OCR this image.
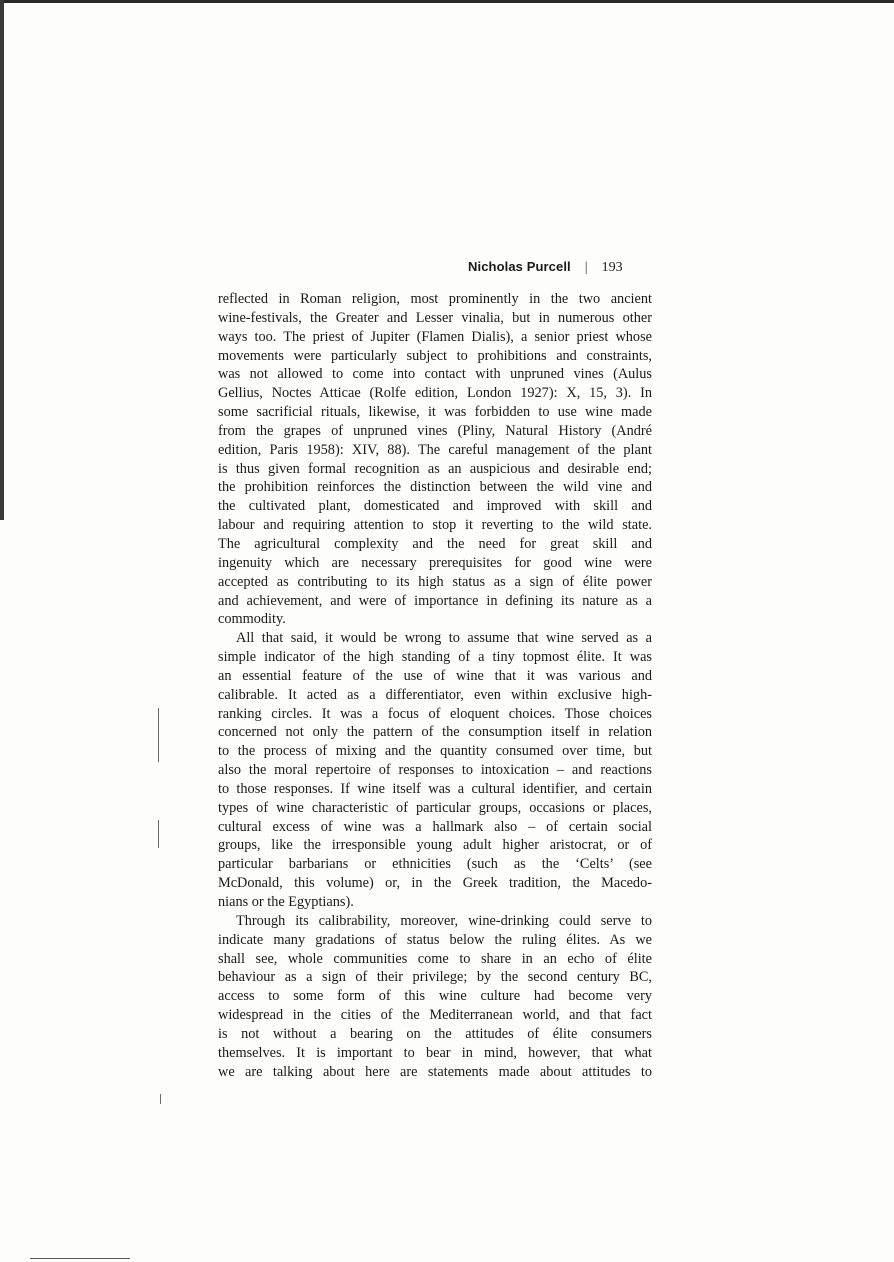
Nicholas Purcell | 193
reflected in Roman religion, most prominently in the two ancient
wine-festivals, the Greater and Lesser vinalia, but in numerous other
ways too. The priest of Jupiter (Flamen Dialis), a senior priest whose
movements were particularly subject to prohibitions and constraints,
was not allowed to come into contact with unpruned vines (Aulus
Gellius, Noctes Atticae (Rolfe edition, London 1927): X, 15, 3). In
some sacrificial rituals, likewise, it was forbidden to use wine made
from the grapes of unpruned vines (Pliny, Natural History (André
edition, Paris 1958): XIV, 88). The careful management of the plant
is thus given formal recognition as an auspicious and desirable end;
the prohibition reinforces the distinction between the wild vine and
the cultivated plant, domesticated and improved with skill and
labour and requiring attention to stop it reverting to the wild state.
The agricultural complexity and the need for great skill and
ingenuity which are necessary prerequisites for good wine were
accepted as contributing to its high status as a sign of élite power
and achievement, and were of importance in defining its nature as a
commodity.
All that said, it would be wrong to assume that wine served as a
simple indicator of the high standing of a tiny topmost élite. It was
an essential feature of the use of wine that it was various and
calibrable. It acted as a differentiator, even within exclusive high-
ranking circles. It was a focus of eloquent choices. Those choices
concerned not only the pattern of the consumption itself in relation
to the process of mixing and the quantity consumed over time, but
also the moral repertoire of responses to intoxication – and reactions
to those responses. If wine itself was a cultural identifier, and certain
types of wine characteristic of particular groups, occasions or places,
cultural excess of wine was a hallmark also – of certain social
groups, like the irresponsible young adult higher aristocrat, or of
particular barbarians or ethnicities (such as the ‘Celts’ (see
McDonald, this volume) or, in the Greek tradition, the Macedo-
nians or the Egyptians).
Through its calibrability, moreover, wine-drinking could serve to
indicate many gradations of status below the ruling élites. As we
shall see, whole communities come to share in an echo of élite
behaviour as a sign of their privilege; by the second century BC,
access to some form of this wine culture had become very
widespread in the cities of the Mediterranean world, and that fact
is not without a bearing on the attitudes of élite consumers
themselves. It is important to bear in mind, however, that what
we are talking about here are statements made about attitudes to
